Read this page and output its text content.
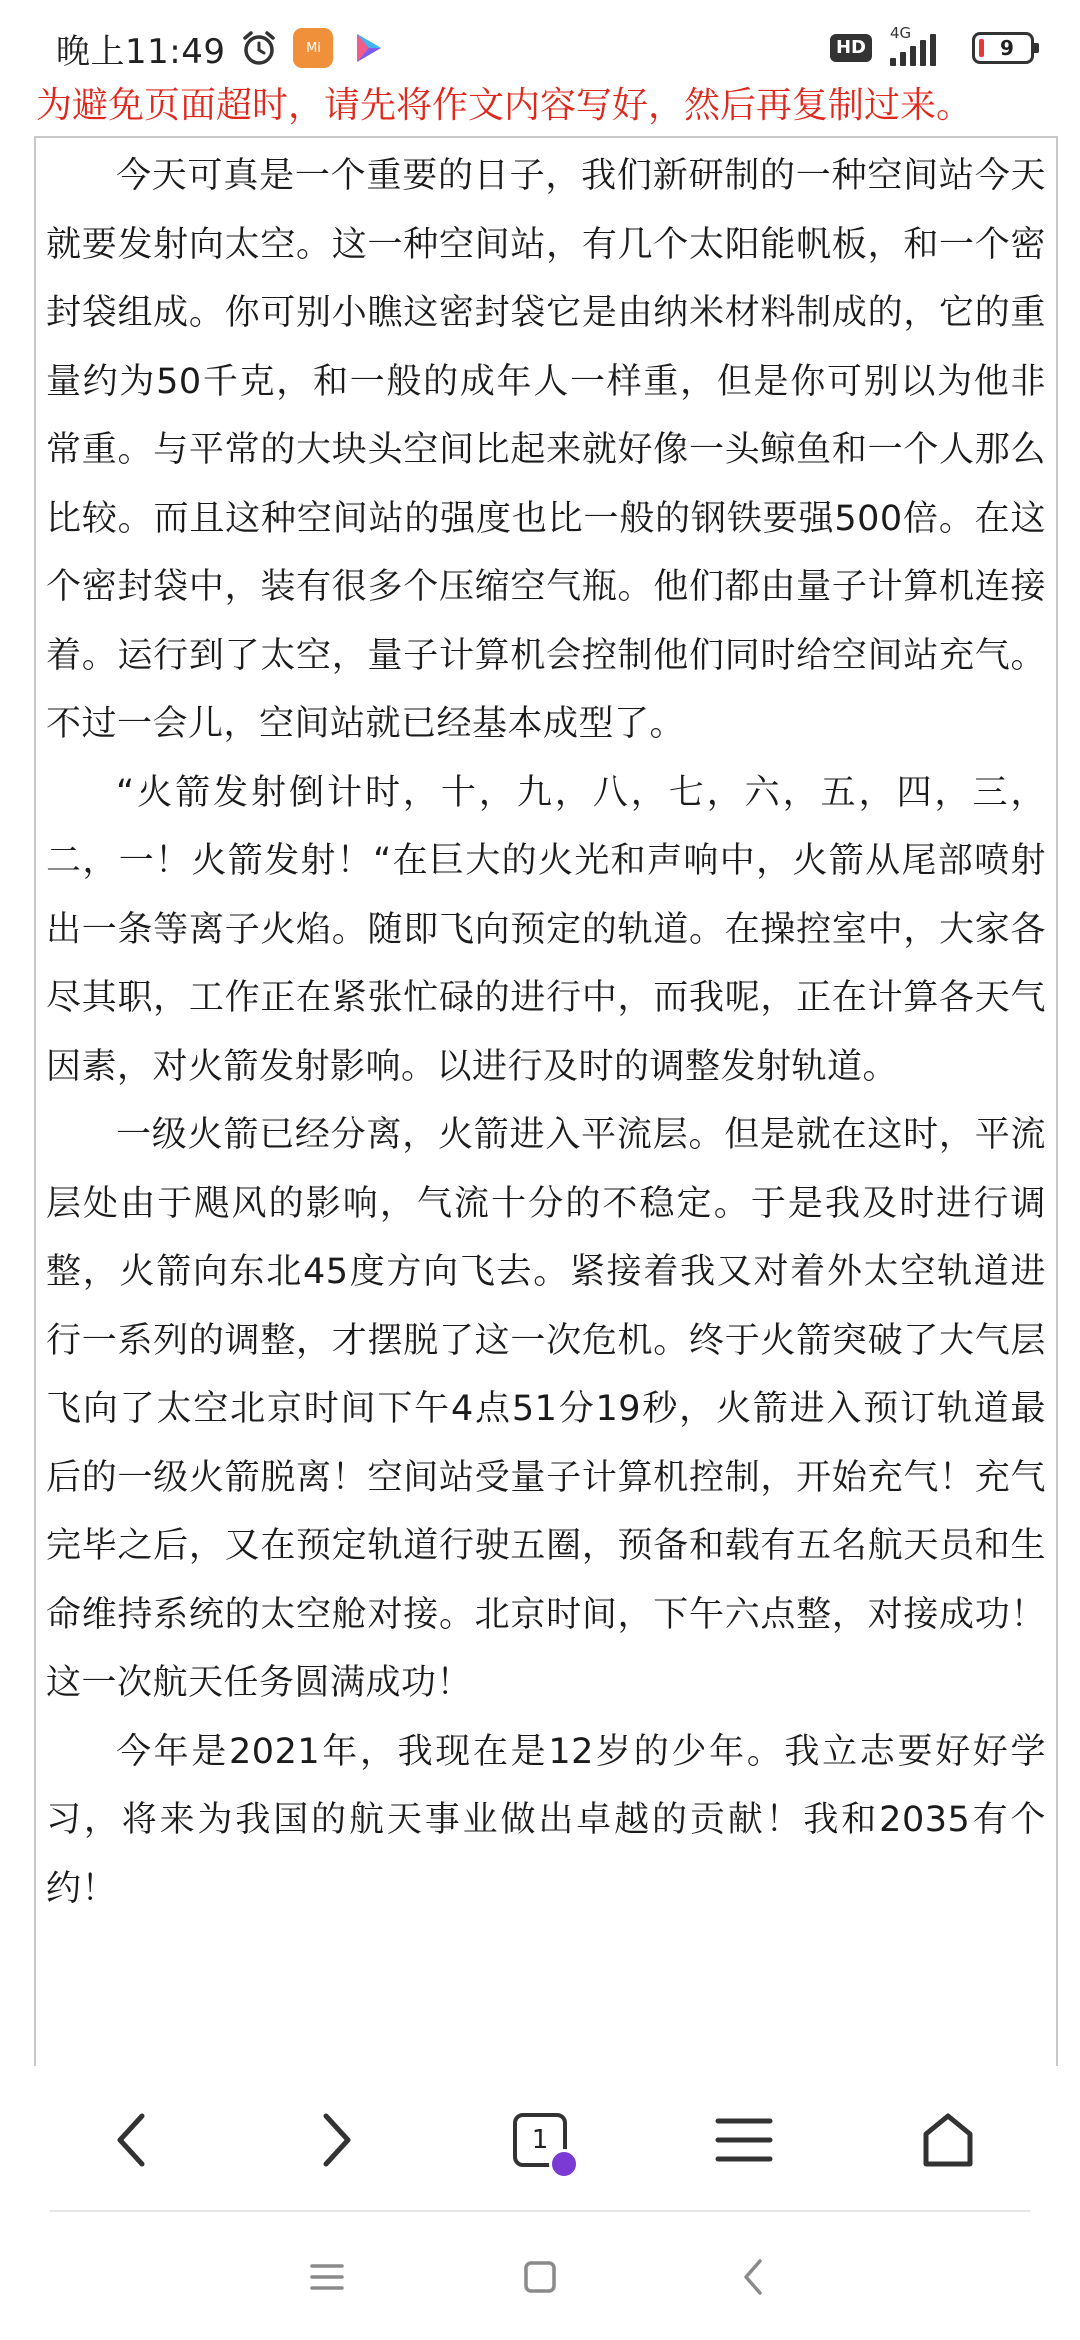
晚上11:49	Mi	HD
4G
9
为避免页面超时，请先将作文内容写好，然后再复制过来。

今天可真是一个重要的日子，我们新研制的一种空间站今天就要发射向太空。这一种空间站，有几个太阳能帆板，和一个密封袋组成。你可别小瞧这密封袋它是由纳米材料制成的，它的重量约为50千克，和一般的成年人一样重，但是你可别以为他非常重。与平常的大块头空间比起来就好像一头鲸鱼和一个人那么比较。而且这种空间站的强度也比一般的钢铁要强500倍。在这个密封袋中，装有很多个压缩空气瓶。他们都由量子计算机连接着。运行到了太空，量子计算机会控制他们同时给空间站充气。不过一会儿，空间站就已经基本成型了。

“火箭发射倒计时，十，九，八，七，六，五，四，三，二，一！火箭发射！“在巨大的火光和声响中，火箭从尾部喷射出一条等离子火焰。随即飞向预定的轨道。在操控室中，大家各尽其职，工作正在紧张忙碌的进行中，而我呢，正在计算各天气因素，对火箭发射影响。以进行及时的调整发射轨道。

一级火箭已经分离，火箭进入平流层。但是就在这时，平流层处由于飓风的影响，气流十分的不稳定。于是我及时进行调整，火箭向东北45度方向飞去。紧接着我又对着外太空轨道进行一系列的调整，才摆脱了这一次危机。终于火箭突破了大气层飞向了太空北京时间下午4点51分19秒，火箭进入预订轨道最后的一级火箭脱离！空间站受量子计算机控制，开始充气！充气完毕之后，又在预定轨道行驶五圈，预备和载有五名航天员和生命维持系统的太空舱对接。北京时间，下午六点整，对接成功！这一次航天任务圆满成功！

今年是2021年，我现在是12岁的少年。我立志要好好学习，将来为我国的航天事业做出卓越的贡献！我和2035有个约！

1
